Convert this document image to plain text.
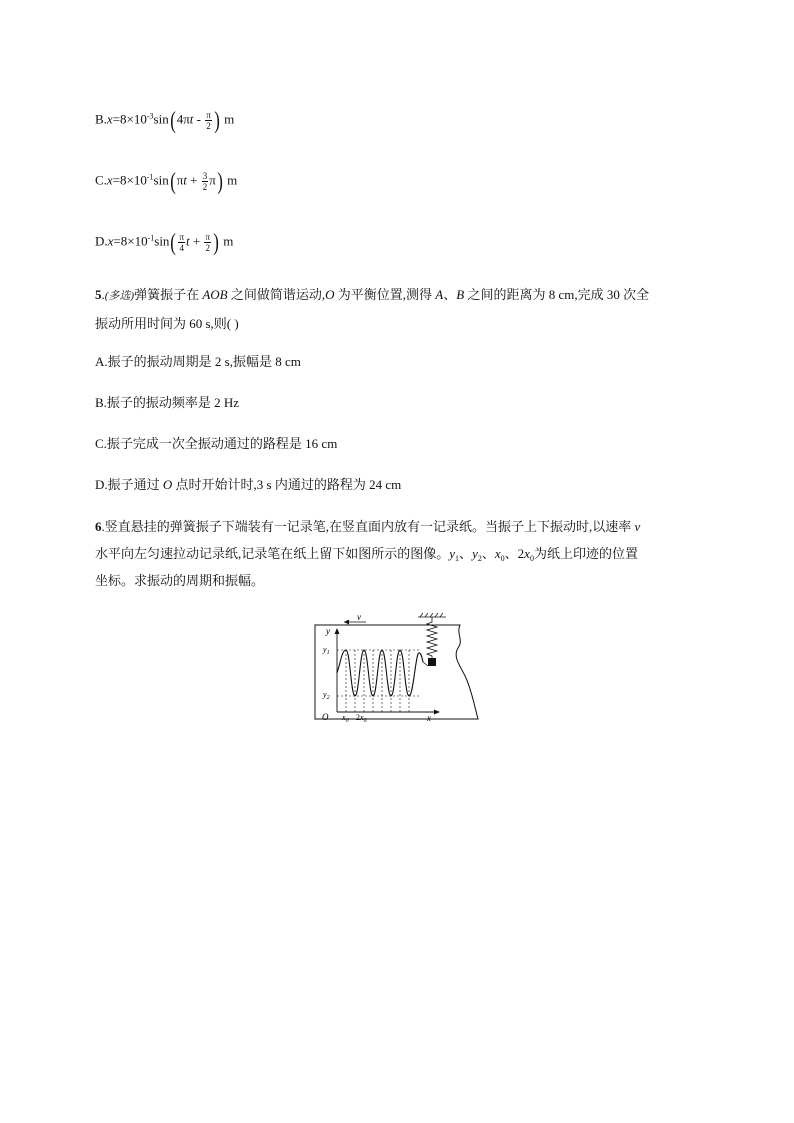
$B.x=8\times 10^{-3}\sin(4\pi t - \frac{\pi}{2}$ ) m
$C.x=8\times 10^{-1}\sin(\pi t + \frac{3}{2} \pi)$ m
$D.x=8\times 10^{-1}\sin( \frac{\pi}{4}$ $t + \frac{\pi}{2}$ ) m
5.(多选)弹簧振子在 AOB 之间做简谐运动,O 为平衡位置,测得 A、B 之间的距离为 8 cm,完成 30 次全
振动所用时间为 60 s,则( )
A.振子的振动周期是 2 s,振幅是 8 cm
B.振子的振动频率是 2 Hz
C.振子完成一次全振动通过的路程是 16 cm
D.振子通过 O 点时开始计时,3 s 内通过的路程为 24 cm
6.竖直悬挂的弹簧振子下端装有一记录笔,在竖直面内放有一记录纸。当振子上下振动时,以速率 v
水平向左匀速拉动记录纸,记录笔在纸上留下如图所示的图像。$y_1$、$y_2$、$x_0$、$2x_0$为纸上印迹的位置
坐标。求振动的周期和振幅。
v
y
x
O
$y_1$
$y_2$
$x_0$ $2x_0$
